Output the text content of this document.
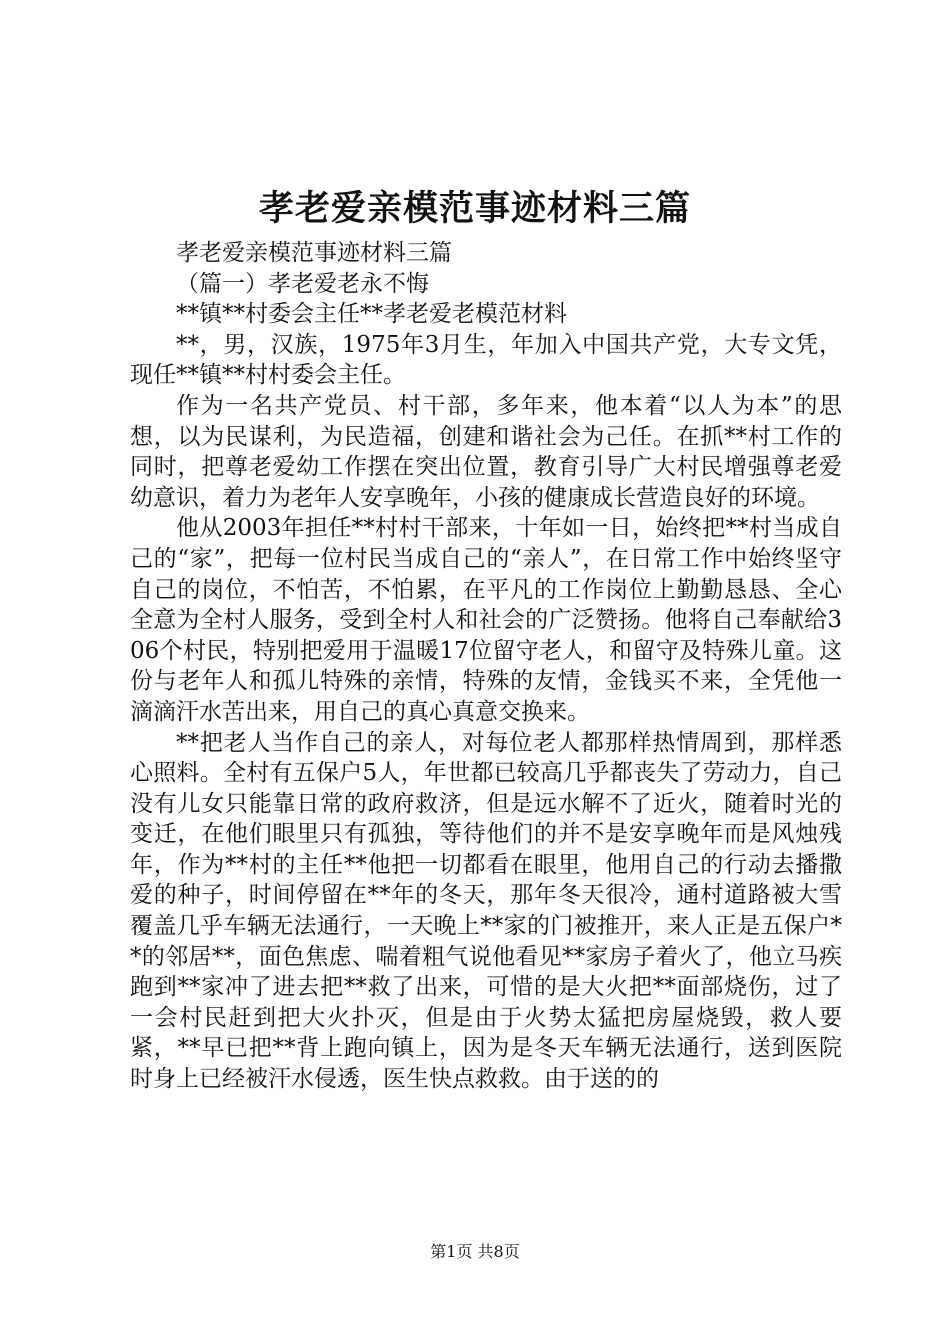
孝老爱亲模范事迹材料三篇

孝老爱亲模范事迹材料三篇

（篇一）孝老爱老永不悔

**镇**村委会主任**孝老爱老模范材料

**，男，汉族，1975年3月生，年加入中国共产党，大专文凭，现任**镇**村村委会主任。

作为一名共产党员、村干部，多年来，他本着“以人为本”的思想，以为民谋利，为民造福，创建和谐社会为己任。在抓**村工作的同时，把尊老爱幼工作摆在突出位置，教育引导广大村民增强尊老爱幼意识，着力为老年人安享晚年，小孩的健康成长营造良好的环境。

他从2003年担任**村村干部来，十年如一日，始终把**村当成自己的“家”，把每一位村民当成自己的“亲人”，在日常工作中始终坚守自己的岗位，不怕苦，不怕累，在平凡的工作岗位上勤勤恳恳、全心全意为全村人服务，受到全村人和社会的广泛赞扬。他将自己奉献给306个村民，特别把爱用于温暖17位留守老人，和留守及特殊儿童。这份与老年人和孤儿特殊的亲情，特殊的友情，金钱买不来，全凭他一滴滴汗水苦出来，用自己的真心真意交换来。

**把老人当作自己的亲人，对每位老人都那样热情周到，那样悉心照料。全村有五保户5人，年世都已较高几乎都丧失了劳动力，自己没有儿女只能靠日常的政府救济，但是远水解不了近火，随着时光的变迁，在他们眼里只有孤独，等待他们的并不是安享晚年而是风烛残年，作为**村的主任**他把一切都看在眼里，他用自己的行动去播撒爱的种子，时间停留在**年的冬天，那年冬天很冷，通村道路被大雪覆盖几乎车辆无法通行，一天晚上**家的门被推开，来人正是五保户**的邻居**，面色焦虑、喘着粗气说他看见**家房子着火了，他立马疾跑到**家冲了进去把**救了出来，可惜的是大火把**面部烧伤，过了一会村民赶到把大火扑灭，但是由于火势太猛把房屋烧毁，救人要紧，**早已把**背上跑向镇上，因为是冬天车辆无法通行，送到医院时身上已经被汗水侵透，医生快点救救。由于送的的

第1页 共8页
